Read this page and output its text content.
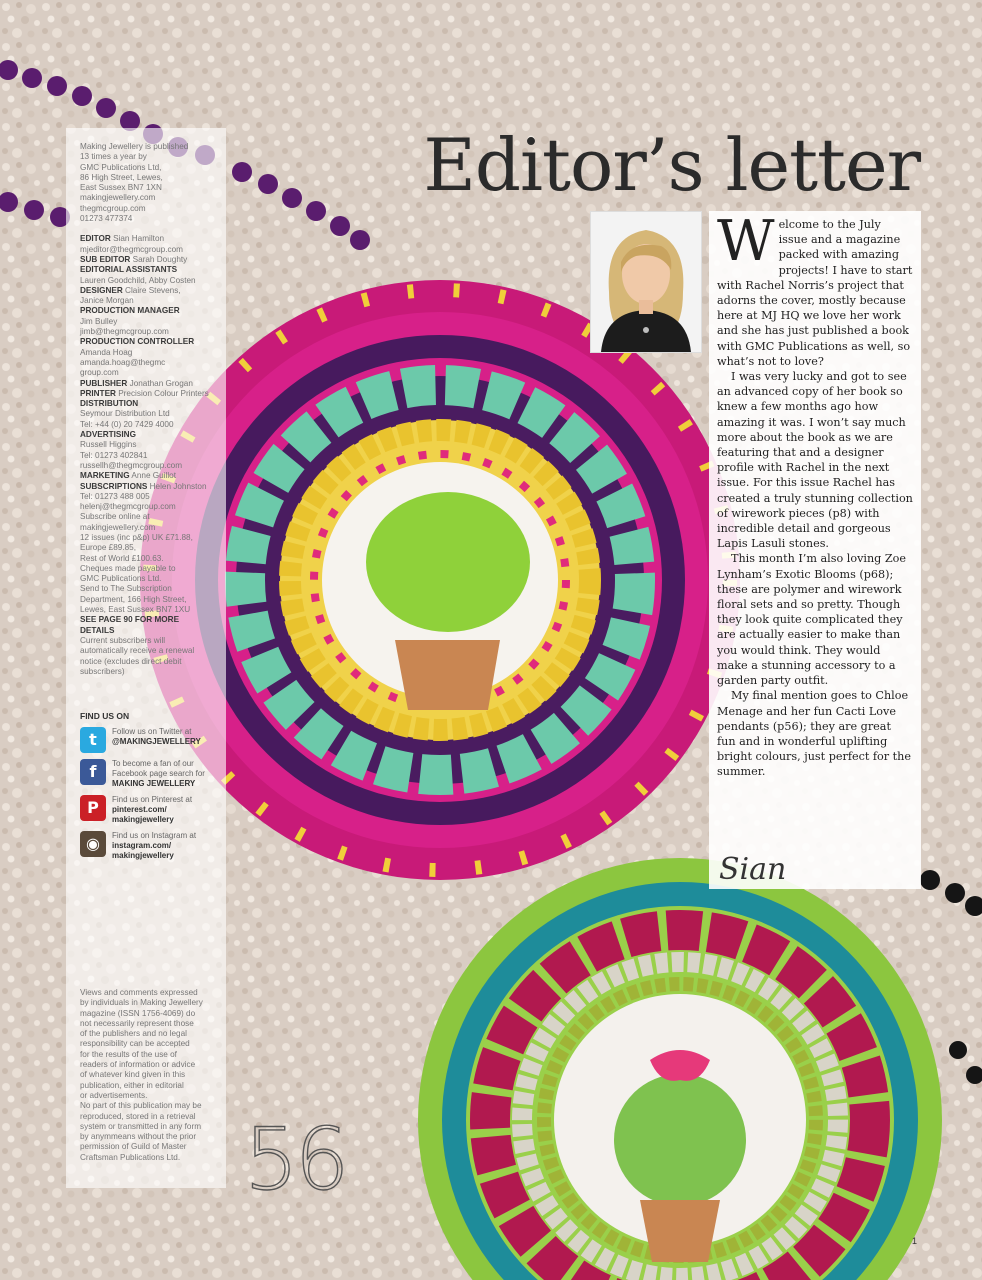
Editor’s letter
Making Jewellery is published
13 times a year by
GMC Publications Ltd,
86 High Street, Lewes,
East Sussex BN7 1XN
makingjewellery.com
thegmcgroup.com
01273 477374
EDITOR Sian Hamilton
mjeditor@thegmcgroup.com
SUB EDITOR Sarah Doughty
EDITORIAL ASSISTANTS
Lauren Goodchild, Abby Costen
DESIGNER Claire Stevens,
Janice Morgan
PRODUCTION MANAGER
Jim Bulley
jimb@thegmcgroup.com
PRODUCTION CONTROLLER
Amanda Hoag
amanda.hoag@thegmc
group.com
PUBLISHER Jonathan Grogan
PRINTER Precision Colour Printers
DISTRIBUTION
Seymour Distribution Ltd
Tel: +44 (0) 20 7429 4000
ADVERTISING
Russell Higgins
Tel: 01273 402841
russellh@thegmcgroup.com
MARKETING Anne Guillot
SUBSCRIPTIONS Helen Johnston
Tel: 01273 488 005
helenj@thegmcgroup.com
Subscribe online at
makingjewellery.com
12 issues (inc p&p) UK £71.88,
Europe £89.85,
Rest of World £100.63.
Cheques made payable to
GMC Publications Ltd.
Send to The Subscription
Department, 166 High Street,
Lewes, East Sussex BN7 1XU
SEE PAGE 90 FOR MORE
DETAILS
Current subscribers will
automatically receive a renewal
notice (excludes direct debit
subscribers)
FIND US ON
t	Follow us on Twitter at
@MAKINGJEWELLERY
f	To become a fan of our
Facebook page search for
MAKING JEWELLERY
P	Find us on Pinterest at
pinterest.com/
makingjewellery
◉	Find us on Instagram at
instagram.com/
makingjewellery
Views and comments expressed
by individuals in Making Jewellery
magazine (ISSN 1756-4069) do
not necessarily represent those
of the publishers and no legal
responsibility can be accepted
for the results of the use of
readers of information or advice
of whatever kind given in this
publication, either in editorial
or advertisements.
No part of this publication may be
reproduced, stored in a retrieval
system or transmitted in any form
by anymmeans without the prior
permission of Guild of Master
Craftsman Publications Ltd. 56

Welcome to the July issue and a magazine packed with amazing projects! I have to start with Rachel Norris’s project that adorns the cover, mostly because here at MJ HQ we love her work and she has just published a book with GMC Publications as well, so what’s not to love?

I was very lucky and got to see an advanced copy of her book so knew a few months ago how amazing it was. I won’t say much more about the book as we are featuring that and a designer profile with Rachel in the next issue. For this issue Rachel has created a truly stunning collection of wirework pieces (p8) with incredible detail and gorgeous Lapis Lasuli stones.

This month I’m also loving Zoe Lynham’s Exotic Blooms (p68); these are polymer and wirework floral sets and so pretty. Though they look quite complicated they are actually easier to make than you would think. They would make a stunning accessory to a garden party outfit.

My final mention goes to Chloe Menage and her fun Cacti Love pendants (p56); they are great fun and in wonderful uplifting bright colours, just perfect for the summer.

Sian
1
